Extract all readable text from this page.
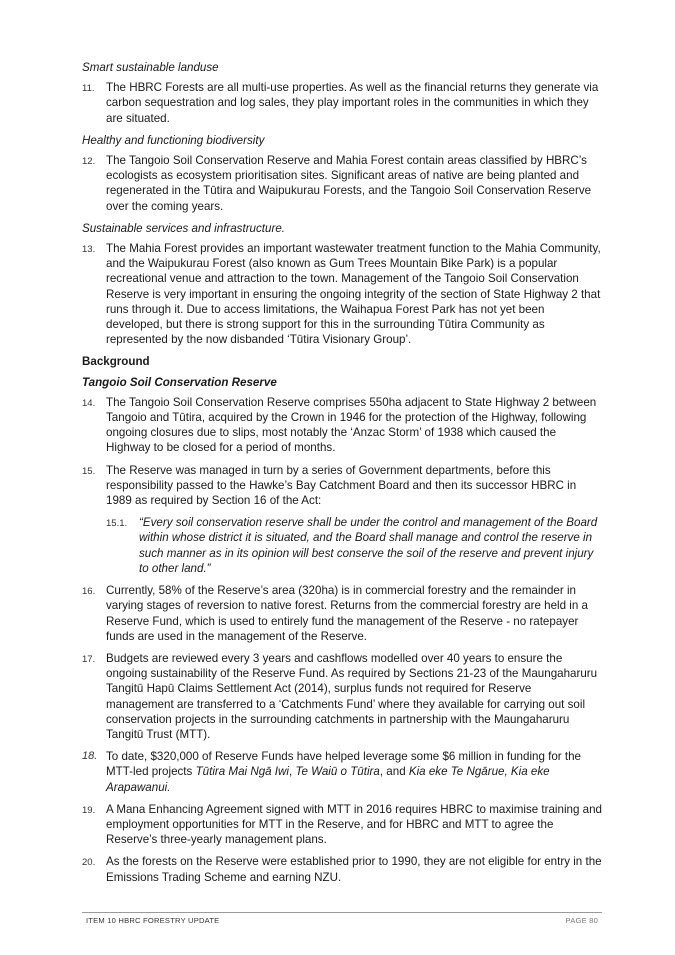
Smart sustainable landuse
11. The HBRC Forests are all multi-use properties. As well as the financial returns they generate via carbon sequestration and log sales, they play important roles in the communities in which they are situated.
Healthy and functioning biodiversity
12. The Tangoio Soil Conservation Reserve and Mahia Forest contain areas classified by HBRC’s ecologists as ecosystem prioritisation sites. Significant areas of native are being planted and regenerated in the Tūtira and Waipukurau Forests, and the Tangoio Soil Conservation Reserve over the coming years.
Sustainable services and infrastructure.
13. The Mahia Forest provides an important wastewater treatment function to the Mahia Community, and the Waipukurau Forest (also known as Gum Trees Mountain Bike Park) is a popular recreational venue and attraction to the town. Management of the Tangoio Soil Conservation Reserve is very important in ensuring the ongoing integrity of the section of State Highway 2 that runs through it. Due to access limitations, the Waihapua Forest Park has not yet been developed, but there is strong support for this in the surrounding Tūtira Community as represented by the now disbanded ‘Tūtira Visionary Group’.
Background
Tangoio Soil Conservation Reserve
14. The Tangoio Soil Conservation Reserve comprises 550ha adjacent to State Highway 2 between Tangoio and Tūtira, acquired by the Crown in 1946 for the protection of the Highway, following ongoing closures due to slips, most notably the ‘Anzac Storm’ of 1938 which caused the Highway to be closed for a period of months.
15. The Reserve was managed in turn by a series of Government departments, before this responsibility passed to the Hawke’s Bay Catchment Board and then its successor HBRC in 1989 as required by Section 16 of the Act:
15.1. “Every soil conservation reserve shall be under the control and management of the Board within whose district it is situated, and the Board shall manage and control the reserve in such manner as in its opinion will best conserve the soil of the reserve and prevent injury to other land.”
16. Currently, 58% of the Reserve’s area (320ha) is in commercial forestry and the remainder in varying stages of reversion to native forest. Returns from the commercial forestry are held in a Reserve Fund, which is used to entirely fund the management of the Reserve - no ratepayer funds are used in the management of the Reserve.
17. Budgets are reviewed every 3 years and cashflows modelled over 40 years to ensure the ongoing sustainability of the Reserve Fund. As required by Sections 21-23 of the Maungaharuru Tangitū Hapū Claims Settlement Act (2014), surplus funds not required for Reserve management are transferred to a ‘Catchments Fund’ where they available for carrying out soil conservation projects in the surrounding catchments in partnership with the Maungaharuru Tangitū Trust (MTT).
18. To date, $320,000 of Reserve Funds have helped leverage some $6 million in funding for the MTT-led projects Tūtira Mai Ngā Iwi, Te Waiū o Tūtira, and Kia eke Te Ngārue, Kia eke Arapawanui.
19. A Mana Enhancing Agreement signed with MTT in 2016 requires HBRC to maximise training and employment opportunities for MTT in the Reserve, and for HBRC and MTT to agree the Reserve’s three-yearly management plans.
20. As the forests on the Reserve were established prior to 1990, they are not eligible for entry in the Emissions Trading Scheme and earning NZU.
ITEM 10 HBRC FORESTRY UPDATE	PAGE 80
